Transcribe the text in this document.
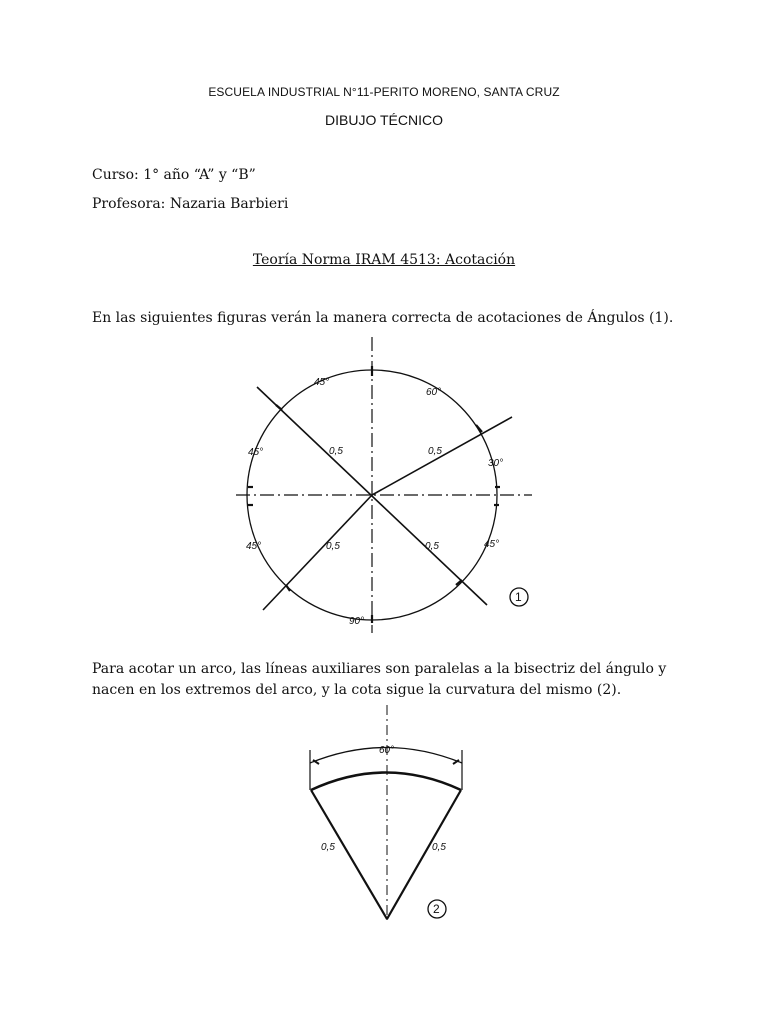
ESCUELA INDUSTRIAL N°11-PERITO MORENO, SANTA CRUZ
DIBUJO TÉCNICO
Curso: 1° año “A” y “B”
Profesora: Nazaria Barbieri
Teoría Norma IRAM 4513: Acotación
En las siguientes figuras verán la manera correcta de acotaciones de Ángulos (1).
45°
60°
45°
30°
45°	45°
90°
0,5	0,5
0,5	0,5
1
Para acotar un arco, las líneas auxiliares son paralelas a la bisectriz del ángulo y nacen en los extremos del arco, y la cota sigue la curvatura del mismo (2).
60°
0,5	0,5
2
